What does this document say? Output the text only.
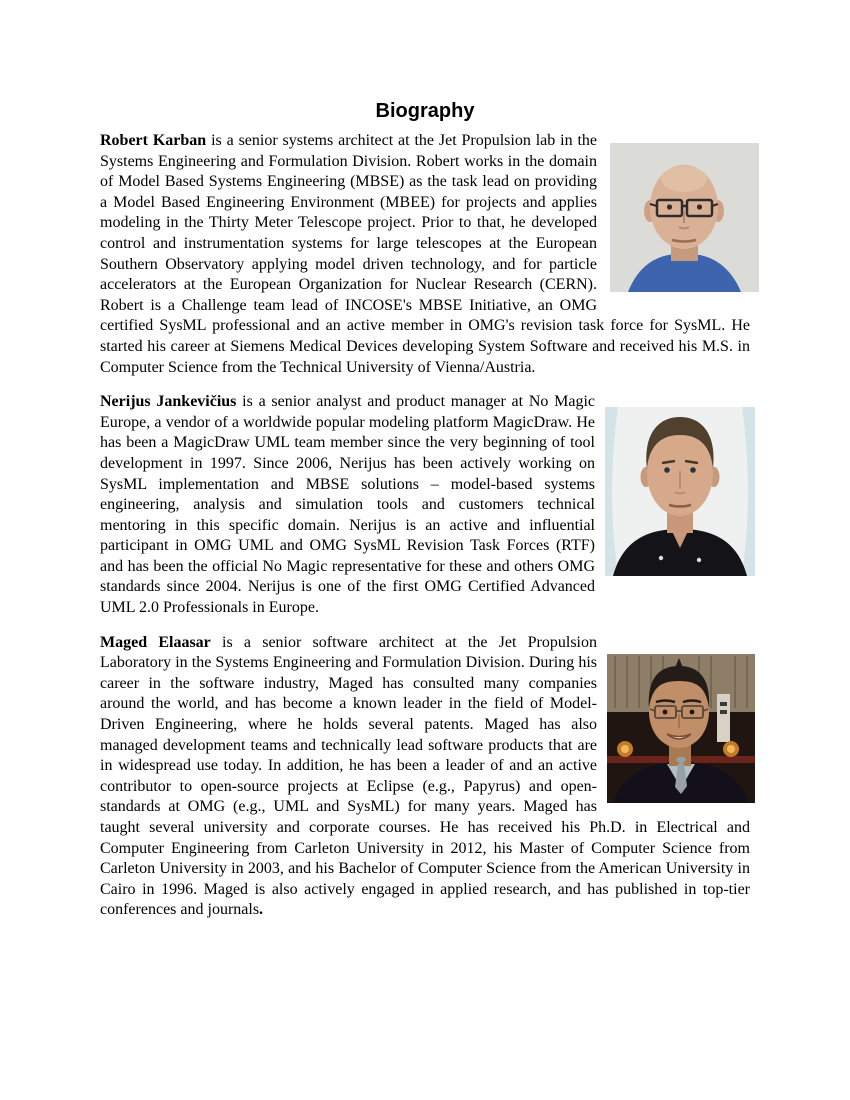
Biography

Robert Karban is a senior systems architect at the Jet Propulsion lab in the Systems Engineering and Formulation Division. Robert works in the domain of Model Based Systems Engineering (MBSE) as the task lead on providing a Model Based Engineering Environment (MBEE) for projects and applies modeling in the Thirty Meter Telescope project. Prior to that, he developed control and instrumentation systems for large telescopes at the European Southern Observatory applying model driven technology, and for particle accelerators at the European Organization for Nuclear Research (CERN). Robert is a Challenge team lead of INCOSE's MBSE Initiative, an OMG certified SysML professional and an active member in OMG's revision task force for SysML. He started his career at Siemens Medical Devices developing System Software and received his M.S. in Computer Science from the Technical University of Vienna/Austria.

Nerijus Jankevičius is a senior analyst and product manager at No Magic Europe, a vendor of a worldwide popular modeling platform MagicDraw. He has been a MagicDraw UML team member since the very beginning of tool development in 1997. Since 2006, Nerijus has been actively working on SysML implementation and MBSE solutions – model-based systems engineering, analysis and simulation tools and customers technical mentoring in this specific domain. Nerijus is an active and influential participant in OMG UML and OMG SysML Revision Task Forces (RTF) and has been the official No Magic representative for these and others OMG standards since 2004. Nerijus is one of the first OMG Certified Advanced UML 2.0 Professionals in Europe.

Maged Elaasar is a senior software architect at the Jet Propulsion Laboratory in the Systems Engineering and Formulation Division. During his career in the software industry, Maged has consulted many companies around the world, and has become a known leader in the field of Model-Driven Engineering, where he holds several patents. Maged has also managed development teams and technically lead software products that are in widespread use today. In addition, he has been a leader of and an active contributor to open-source projects at Eclipse (e.g., Papyrus) and open-standards at OMG (e.g., UML and SysML) for many years. Maged has taught several university and corporate courses. He has received his Ph.D. in Electrical and Computer Engineering from Carleton University in 2012, his Master of Computer Science from Carleton University in 2003, and his Bachelor of Computer Science from the American University in Cairo in 1996. Maged is also actively engaged in applied research, and has published in top-tier conferences and journals.
